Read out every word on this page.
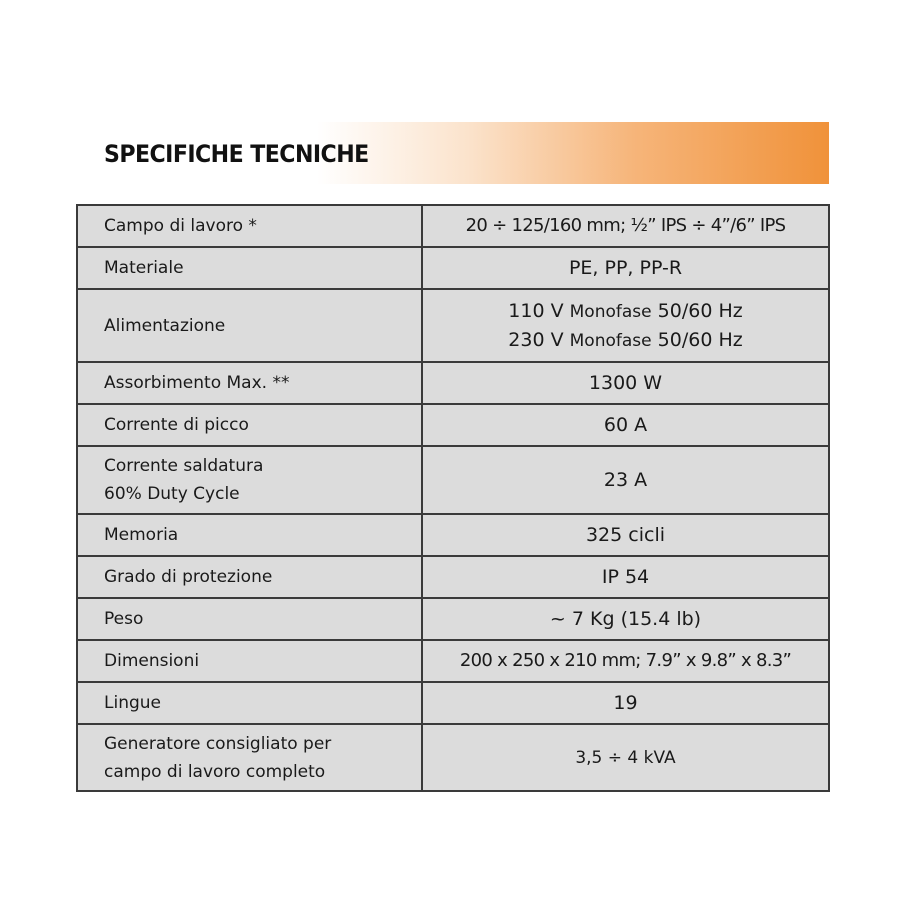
SPECIFICHE TECNICHE
Campo di lavoro *	20 ÷ 125/160 mm; ½” IPS ÷ 4”/6” IPS
Materiale	PE, PP, PP-R
Alimentazione	110 V Monofase 50/60 Hz
230 V Monofase 50/60 Hz

Assorbimento Max. **	1300 W
Corrente di picco	60 A

Corrente saldatura
60% Duty Cycle	23 A
Memoria	325 cicli
Grado di protezione	IP 54
Peso	~ 7 Kg (15.4 lb)
Dimensioni	200 x 250 x 210 mm; 7.9” x 9.8” x 8.3”
Lingue	19

Generatore consigliato per
campo di lavoro completo	3,5 ÷ 4 kVA
